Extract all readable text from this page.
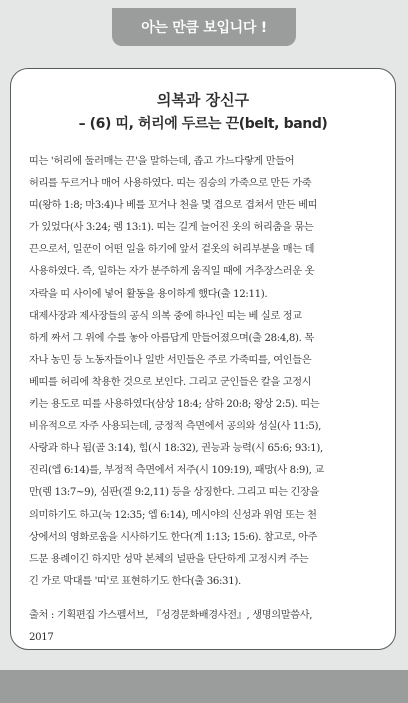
아는 만큼 보입니다 !
의복과 장신구
– (6) 띠, 허리에 두르는 끈(belt, band)
띠는 '허리에 둘러매는 끈'을 말하는데, 좁고 가느다랗게 만들어
허리를 두르거나 매어 사용하였다. 띠는 짐승의 가죽으로 만든 가죽
띠(왕하 1:8; 마3:4)나 베를 꼬거나 천을 몇 겹으로 겹쳐서 만든 베띠
가 있었다(사 3:24; 렘 13:1). 띠는 길게 늘어진 옷의 허리춤을 묶는
끈으로서, 일꾼이 어떤 일을 하기에 앞서 겉옷의 허리부분을 매는 데
사용하였다. 즉, 일하는 자가 분주하게 움직일 때에 거추장스러운 옷
자락을 띠 사이에 넣어 활동을 용이하게 했다(출 12:11).
대제사장과 제사장들의 공식 의복 중에 하나인 띠는 베 실로 정교
하게 짜서 그 위에 수를 놓아 아름답게 만들어졌으며(출 28:4,8). 목
자나 농민 등 노동자들이나 일반 서민들은 주로 가죽띠를, 여인들은
베띠를 허리에 착용한 것으로 보인다. 그리고 군인들은 칼을 고정시
키는 용도로 띠를 사용하였다(삼상 18:4; 삼하 20:8; 왕상 2:5). 띠는
비유적으로 자주 사용되는데, 긍정적 측면에서 공의와 성실(사 11:5),
사랑과 하나 됨(골 3:14), 힘(시 18:32), 권능과 능력(시 65:6; 93:1),
진리(엡 6:14)를, 부정적 측면에서 저주(시 109:19), 패망(사 8:9), 교
만(렘 13:7~9), 심판(겔 9:2,11) 등을 상징한다. 그리고 띠는 긴장을
의미하기도 하고(눅 12:35; 엡 6:14), 메시야의 신성과 위엄 또는 천
상에서의 영화로움을 시사하기도 한다(계 1:13; 15:6). 참고로, 아주
드문 용례이긴 하지만 성막 본체의 널판을 단단하게 고정시켜 주는
긴 가로 막대를 '띠'로 표현하기도 한다(출 36:31).
출처 : 기획편집 가스펠서브, 『성경문화배경사전』, 생명의말씀사,
2017
